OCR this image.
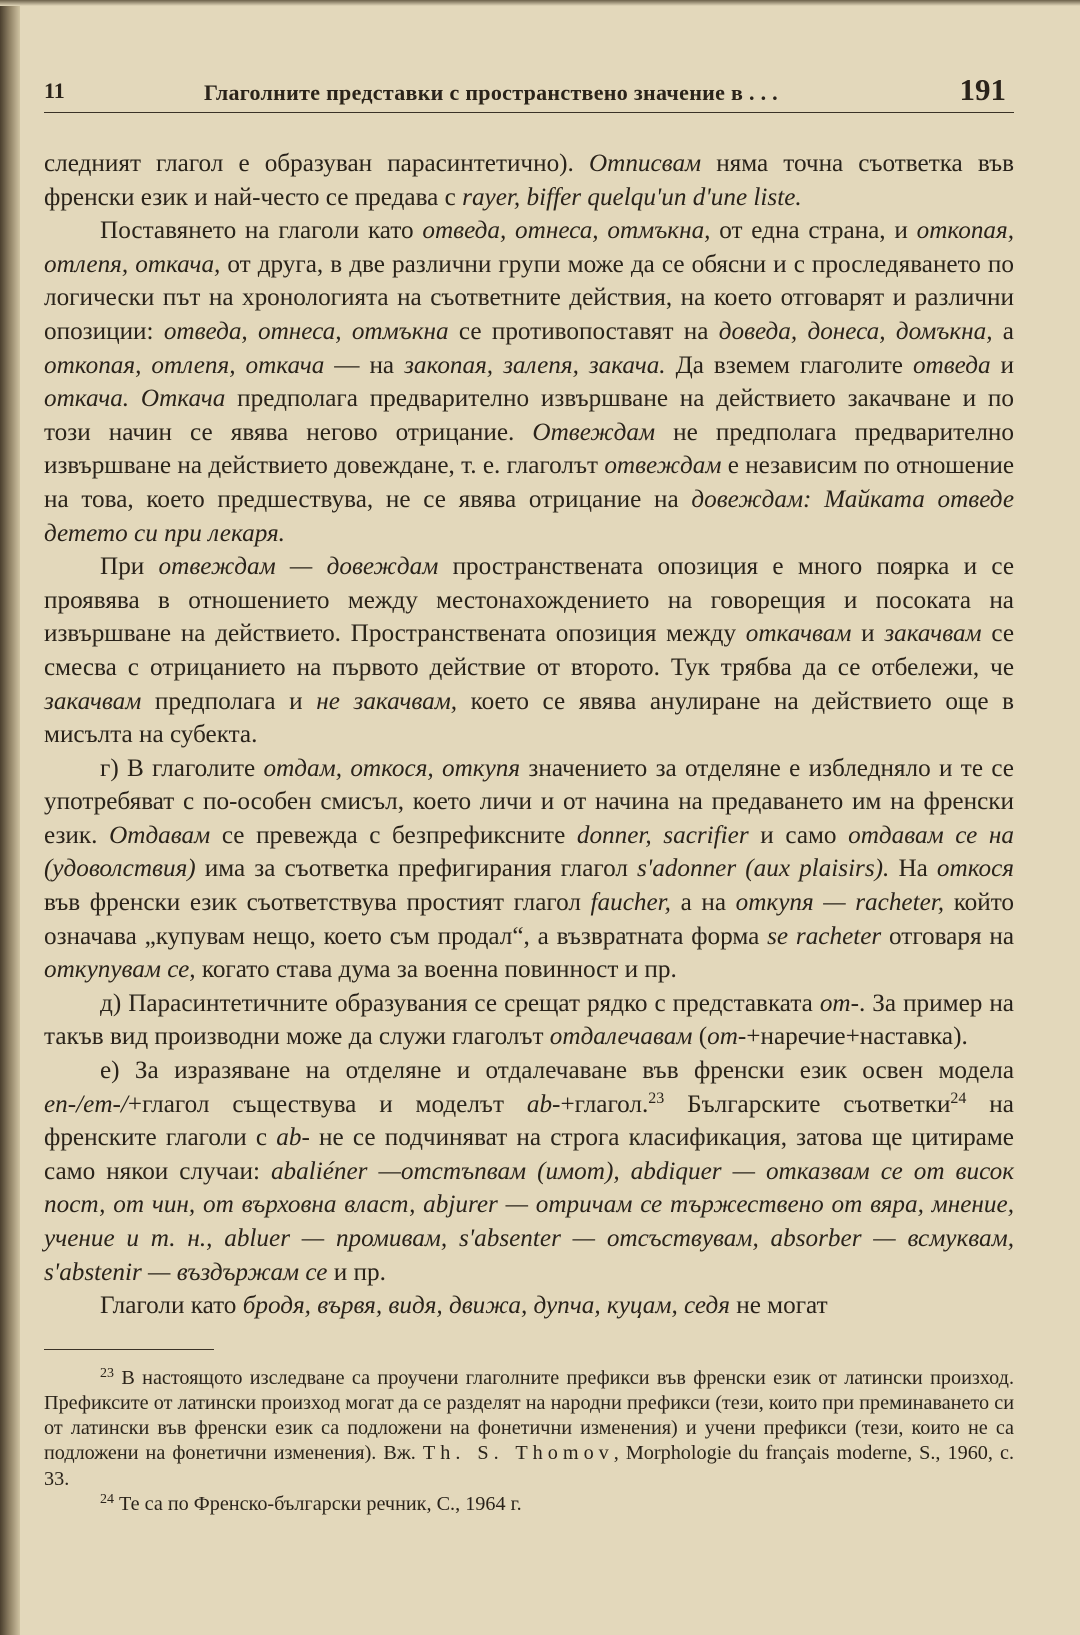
11	Глаголните представки с пространствено значение в . . .	191

следният глагол е образуван парасинтетично). Отписвам няма точна съответка във френски език и най-често се предава с rayer, biffer quelqu'un d'une liste.

Поставянето на глаголи като отведа, отнеса, отмъкна, от една страна, и откопая, отлепя, откача, от друга, в две различни групи може да се обясни и с проследяването по логически път на хронологията на съответните действия, на което отговарят и различни опозиции: отведа, отнеса, отмъкна се противопоставят на доведа, донеса, домъкна, а откопая, отлепя, откача — на закопая, залепя, закача. Да вземем глаголите отведа и откача. Откача предполага предварително извършване на действието закачване и по този начин се явява негово отрицание. Отвеждам не предполага предварително извършване на действието довеждане, т. е. глаголът отвеждам е независим по отношение на това, което предшествува, не се явява отрицание на довеждам: Майката отведе детето си при лекаря.

При отвеждам — довеждам пространствената опозиция е много поярка и се проявява в отношението между местонахождението на говорещия и посоката на извършване на действието. Пространствената опозиция между откачвам и закачвам се смесва с отрицанието на първото действие от второто. Тук трябва да се отбележи, че закачвам предполага и не закачвам, което се явява анулиране на действието още в мисълта на субекта.

г) В глаголите отдам, откося, откупя значението за отделяне е избледняло и те се употребяват с по-особен смисъл, което личи и от начина на предаването им на френски език. Отдавам се превежда с безпрефиксните donner, sacrifier и само отдавам се на (удоволствия) има за съответка префигирания глагол s'adonner (aux plaisirs). На откося във френски език съответствува простият глагол faucher, а на откупя — racheter, който означава „купувам нещо, което съм продал“, а възвратната форма se racheter отговаря на откупувам се, когато става дума за военна повинност и пр.

д) Парасинтетичните образувания се срещат рядко с представката от-. За пример на такъв вид производни може да служи глаголът отдалечавам (от-+наречие+наставка).

е) За изразяване на отделяне и отдалечаване във френски език освен модела en-/em-/+глагол съществува и моделът ab-+глагол.$^{23}$ Българските съответки$^{24}$ на френските глаголи с ab- не се подчиняват на строга класификация, затова ще цитираме само някои случаи: abaliéner —отстъпвам (имот), abdiquer — отказвам се от висок пост, от чин, от върховна власт, abjurer — отричам се тържествено от вяра, мнение, учение и т. н., abluer — промивам, s'absenter — отсъствувам, absorber — всмуквам, s'abstenir — въздържам се и пр.

Глаголи като бродя, вървя, видя, движа, дупча, куцам, седя не могат

$^{23}$ В настоящото изследване са проучени глаголните префикси във френски език от латински произход. Префиксите от латински произход могат да се разделят на народни префикси (тези, които при преминаването си от латински във френски език са подложени на фонетични изменения) и учени префикси (тези, които не са подложени на фонетични изменения). Вж. Th. S. Thomov, Morphologie du français moderne, S., 1960, с. 33.

$^{24}$ Те са по Френско-български речник, С., 1964 г.
